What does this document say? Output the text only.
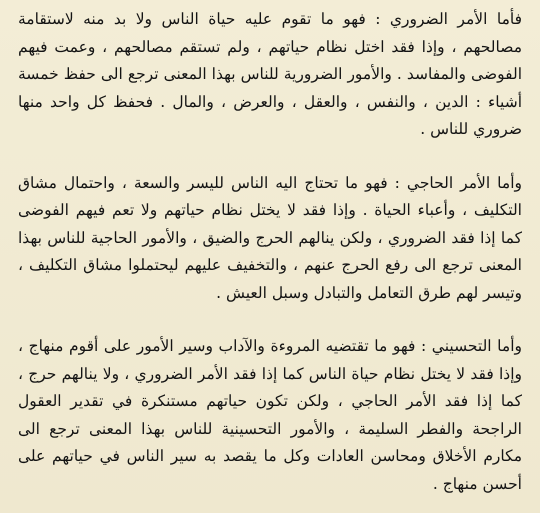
فأما الأمر الضروري : فهو ما تقوم عليه حياة الناس ولا بد منه لاستقامة مصالحهم ، وإذا فقد اختل نظام حياتهم ، ولم تستقم مصالحهم ، وعمت فيهم الفوضى والمفاسد . والأمور الضرورية للناس بهذا المعنى ترجع الى حفظ خمسة أشياء : الدين ، والنفس ، والعقل ، والعرض ، والمال . فحفظ كل واحد منها ضروري للناس .

وأما الأمر الحاجي : فهو ما تحتاج اليه الناس لليسر والسعة ، واحتمال مشاق التكليف ، وأعباء الحياة . وإذا فقد لا يختل نظام حياتهم ولا تعم فيهم الفوضى كما إذا فقد الضروري ، ولكن ينالهم الحرج والضيق ، والأمور الحاجية للناس بهذا المعنى ترجع الى رفع الحرج عنهم ، والتخفيف عليهم ليحتملوا مشاق التكليف ، وتيسر لهم طرق التعامل والتبادل وسبل العيش .

وأما التحسيني : فهو ما تقتضيه المروءة والآداب وسير الأمور على أقوم منهاج ، وإذا فقد لا يختل نظام حياة الناس كما إذا فقد الأمر الضروري ، ولا ينالهم حرج ، كما إذا فقد الأمر الحاجي ، ولكن تكون حياتهم مستنكرة في تقدير العقول الراجحة والفطر السليمة ، والأمور التحسينية للناس بهذا المعنى ترجع الى مكارم الأخلاق ومحاسن العادات وكل ما يقصد به سير الناس في حياتهم على أحسن منهاج .
